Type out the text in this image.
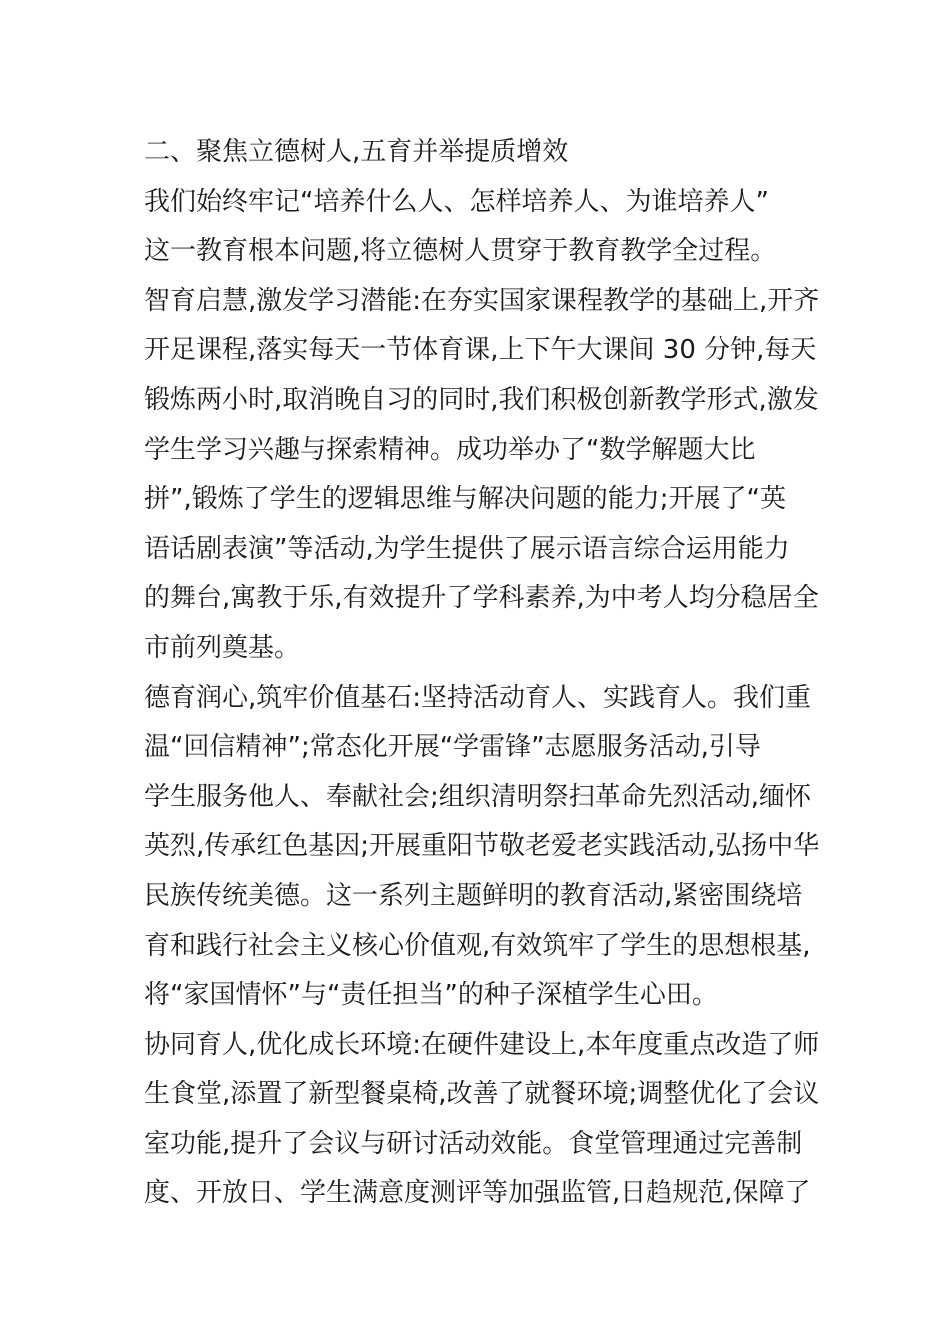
二、聚焦立德树人,五育并举提质增效
我们始终牢记“培养什么人、怎样培养人、为谁培养人”
这一教育根本问题,将立德树人贯穿于教育教学全过程。
智育启慧,激发学习潜能:在夯实国家课程教学的基础上,开齐
开足课程,落实每天一节体育课,上下午大课间 30 分钟,每天
锻炼两小时,取消晚自习的同时,我们积极创新教学形式,激发
学生学习兴趣与探索精神。成功举办了“数学解题大比
拼”,锻炼了学生的逻辑思维与解决问题的能力;开展了“英
语话剧表演”等活动,为学生提供了展示语言综合运用能力
的舞台,寓教于乐,有效提升了学科素养,为中考人均分稳居全
市前列奠基。
德育润心,筑牢价值基石:坚持活动育人、实践育人。我们重
温“回信精神”;常态化开展“学雷锋”志愿服务活动,引导
学生服务他人、奉献社会;组织清明祭扫革命先烈活动,缅怀
英烈,传承红色基因;开展重阳节敬老爱老实践活动,弘扬中华
民族传统美德。这一系列主题鲜明的教育活动,紧密围绕培
育和践行社会主义核心价值观,有效筑牢了学生的思想根基,
将“家国情怀”与“责任担当”的种子深植学生心田。
协同育人,优化成长环境:在硬件建设上,本年度重点改造了师
生食堂,添置了新型餐桌椅,改善了就餐环境;调整优化了会议
室功能,提升了会议与研讨活动效能。食堂管理通过完善制
度、开放日、学生满意度测评等加强监管,日趋规范,保障了
